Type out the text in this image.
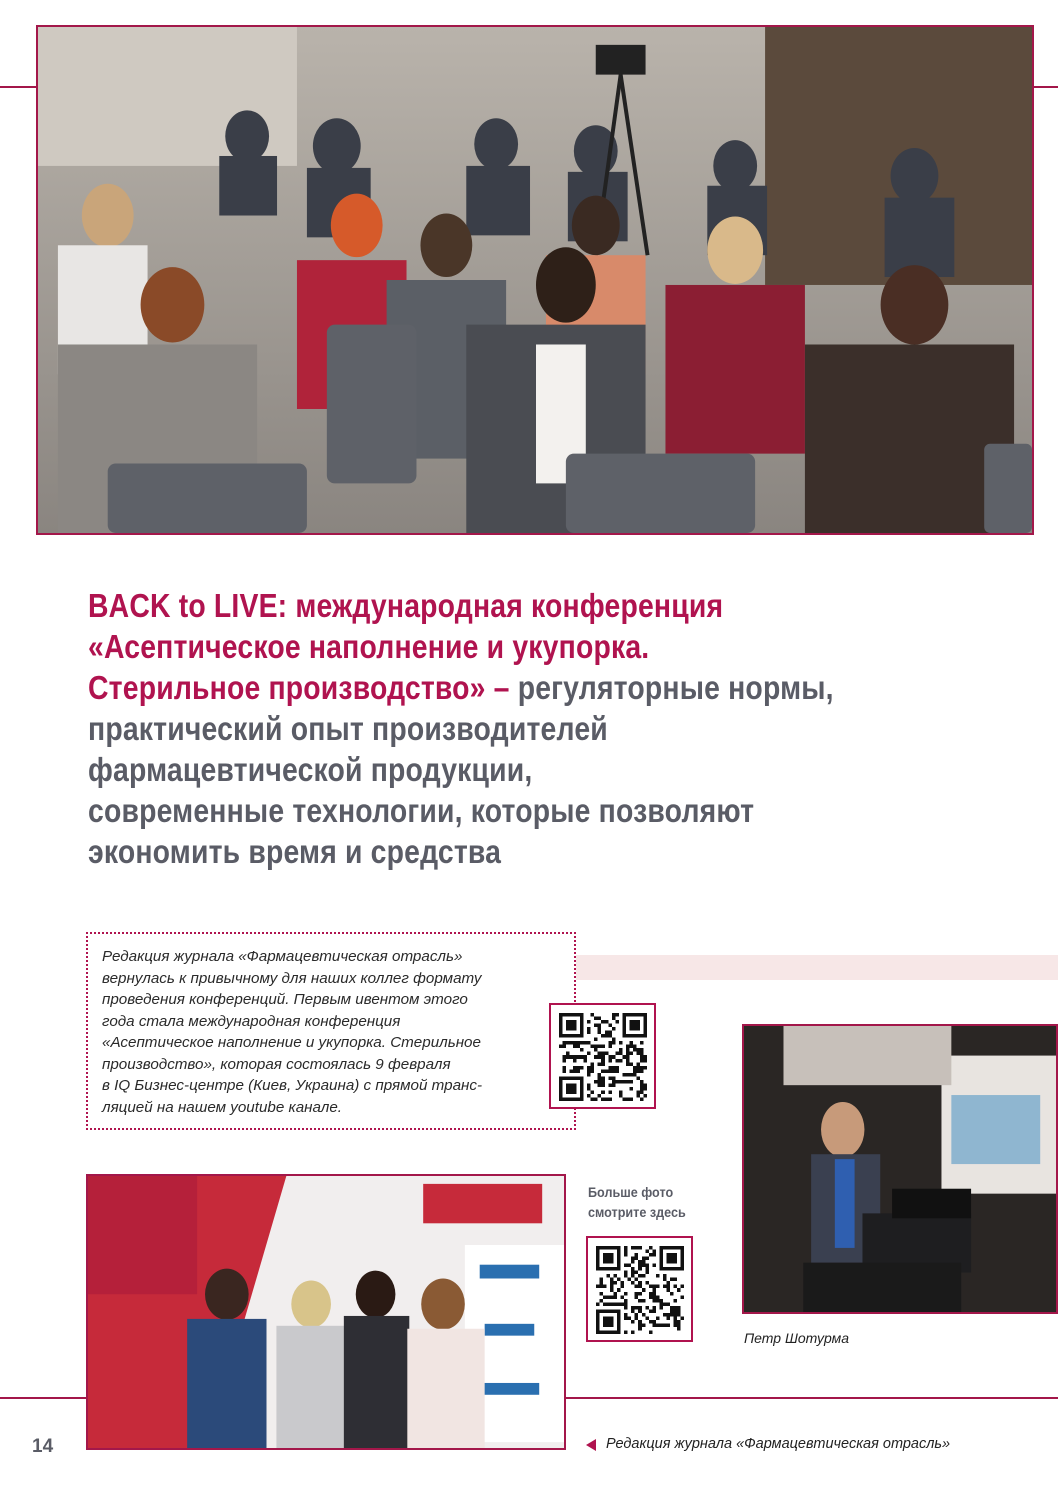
BACK to LIVE: международная конференция
«Асептическое наполнение и укупорка.
Стерильное производство» – регуляторные нормы,
практический опыт производителей
фармацевтической продукции,
современные технологии, которые позволяют
экономить время и средства
Редакция журнала «Фармацевтическая отрасль»
вернулась к привычному для наших коллег формату
проведения конференций. Первым ивентом этого
года стала международная конференция
«Асептическое наполнение и укупорка. Стерильное
производство», которая состоялась 9 февраля
в IQ Бизнес-центре (Киев, Украина) с прямой транс-
ляцией на нашем youtube канале.
Больше фото
смотрите здесь
Петр Шотурма
14	Редакция журнала «Фармацевтическая отрасль»
